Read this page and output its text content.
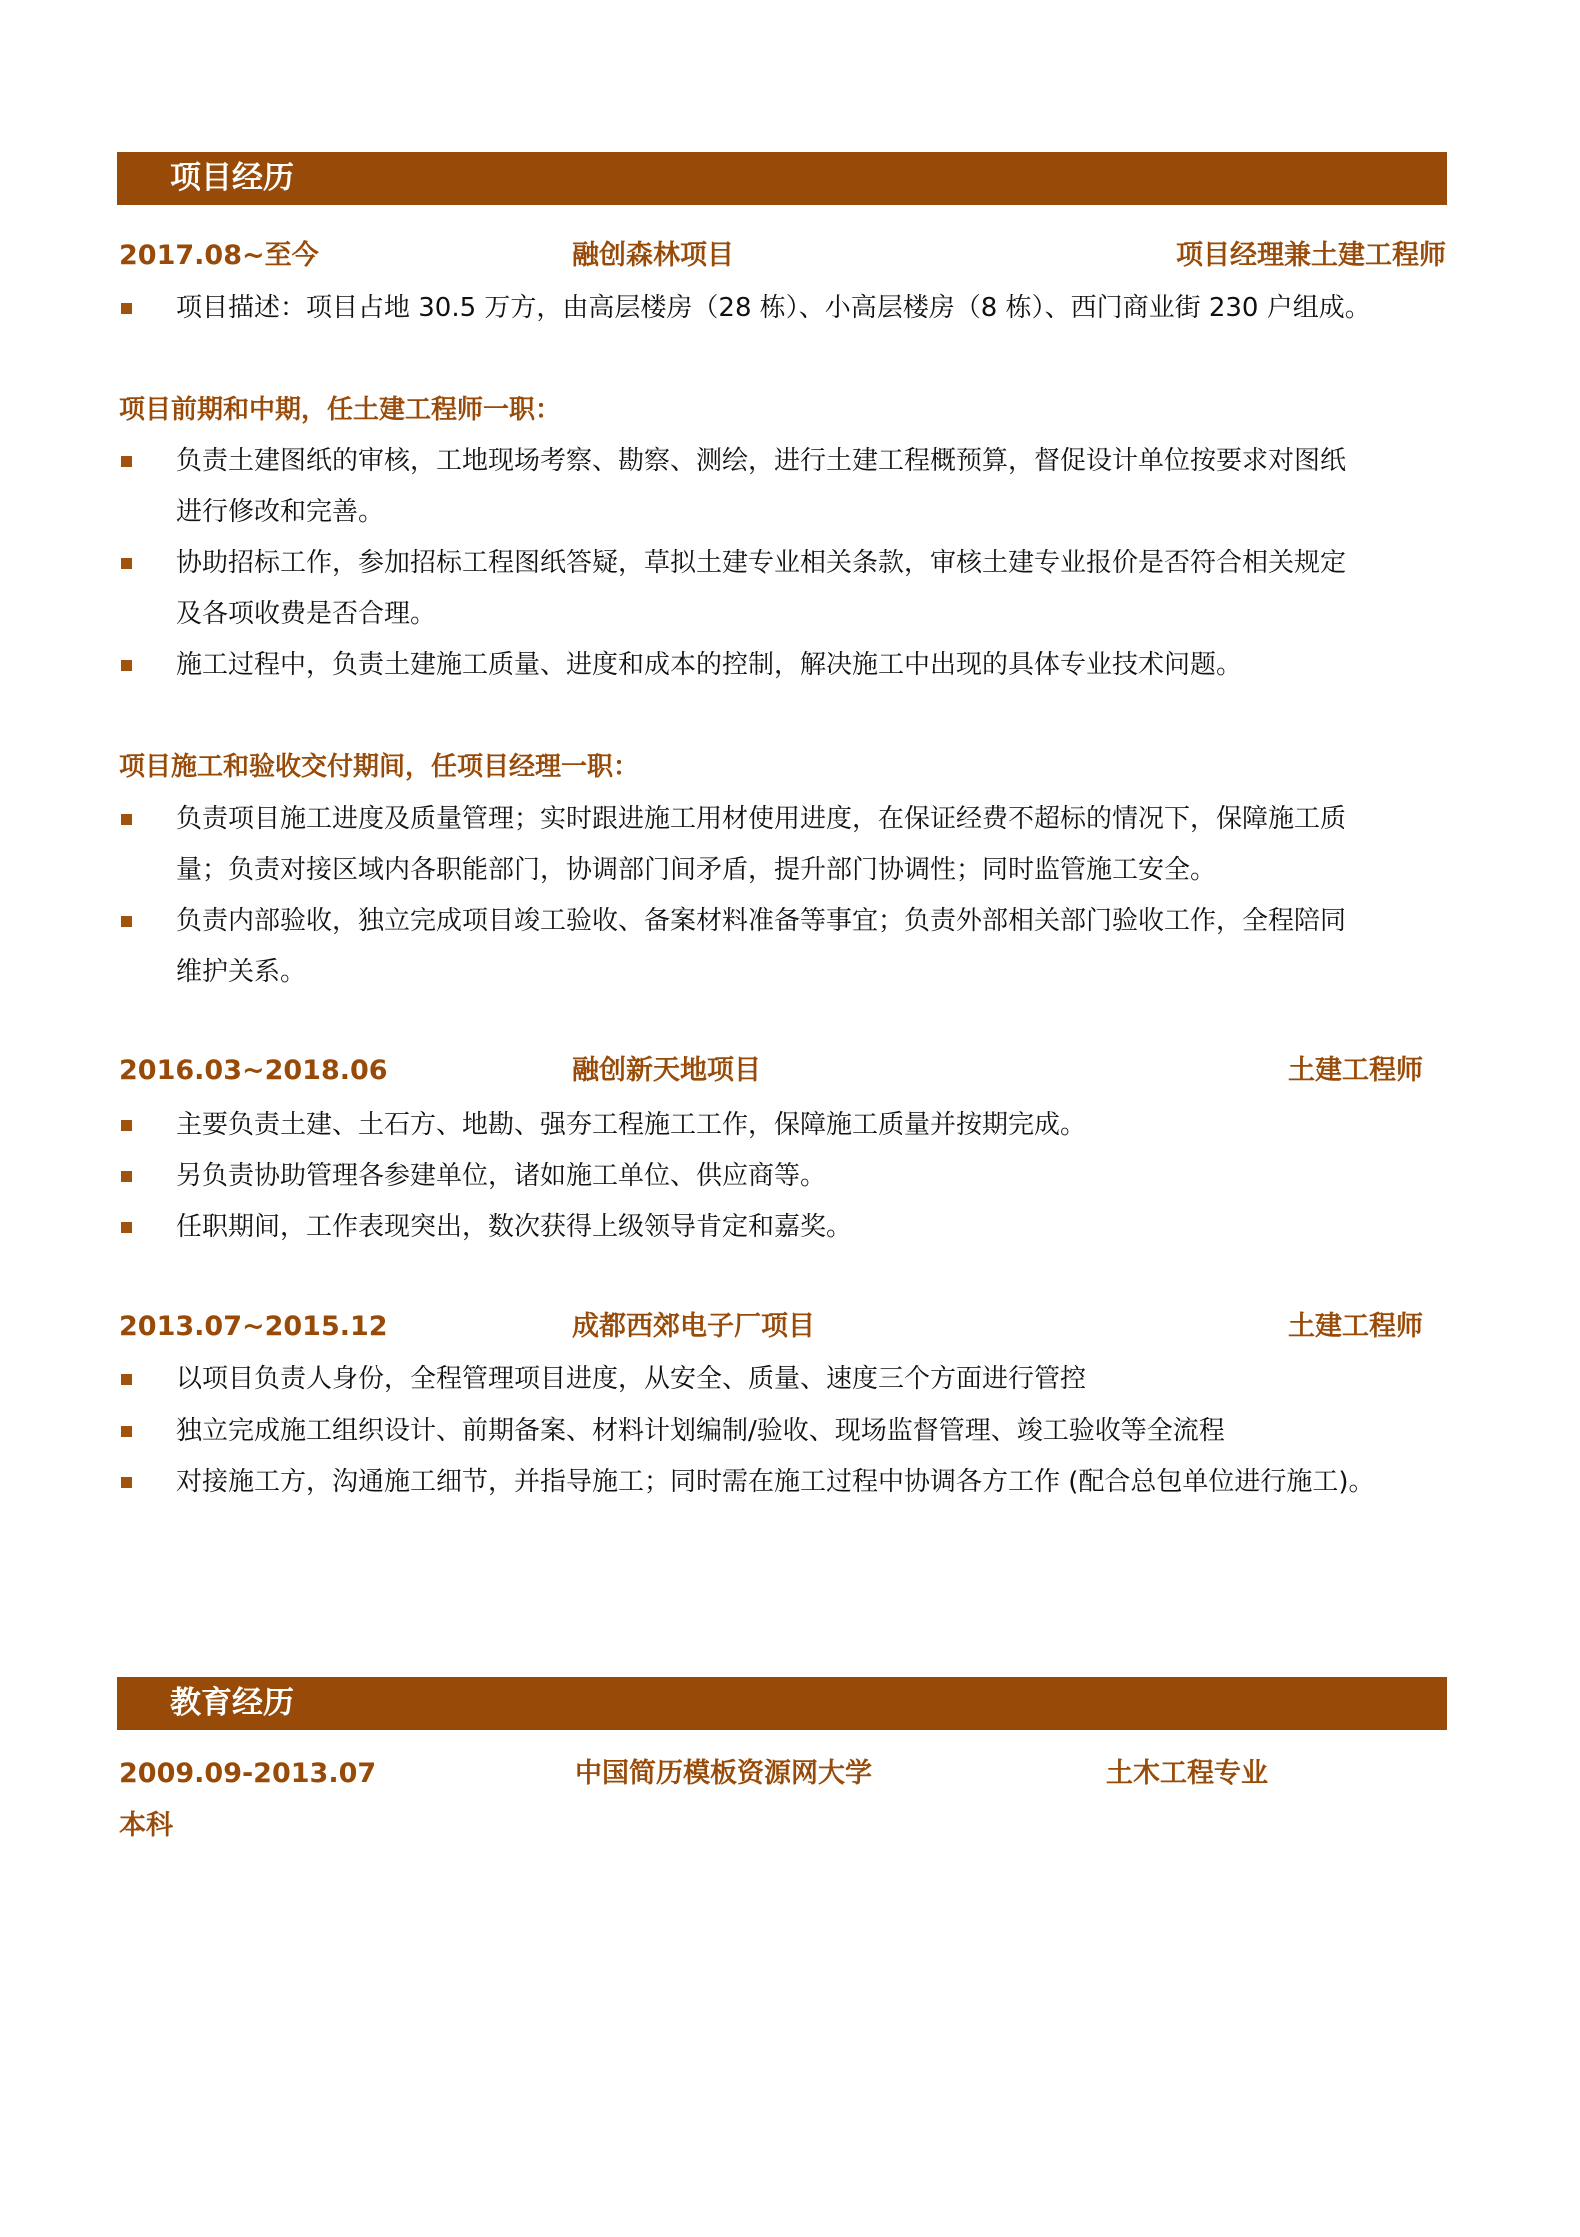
项目经历
2017.08~至今	融创森林项目	项目经理兼土建工程师
项目描述：项目占地 30.5 万方，由高层楼房（28 栋）、小高层楼房（8 栋）、西门商业街 230 户组成。
项目前期和中期，任土建工程师一职：
负责土建图纸的审核，工地现场考察、勘察、测绘，进行土建工程概预算，督促设计单位按要求对图纸
进行修改和完善。
协助招标工作，参加招标工程图纸答疑，草拟土建专业相关条款，审核土建专业报价是否符合相关规定
及各项收费是否合理。
施工过程中，负责土建施工质量、进度和成本的控制，解决施工中出现的具体专业技术问题。
项目施工和验收交付期间，任项目经理一职：
负责项目施工进度及质量管理；实时跟进施工用材使用进度，在保证经费不超标的情况下，保障施工质
量；负责对接区域内各职能部门，协调部门间矛盾，提升部门协调性；同时监管施工安全。
负责内部验收，独立完成项目竣工验收、备案材料准备等事宜；负责外部相关部门验收工作，全程陪同
维护关系。
2016.03~2018.06	融创新天地项目	土建工程师
主要负责土建、土石方、地勘、强夯工程施工工作，保障施工质量并按期完成。
另负责协助管理各参建单位，诸如施工单位、供应商等。
任职期间，工作表现突出，数次获得上级领导肯定和嘉奖。
2013.07~2015.12	成都西郊电子厂项目	土建工程师
以项目负责人身份，全程管理项目进度，从安全、质量、速度三个方面进行管控
独立完成施工组织设计、前期备案、材料计划编制/验收、现场监督管理、竣工验收等全流程
对接施工方，沟通施工细节，并指导施工；同时需在施工过程中协调各方工作 (配合总包单位进行施工)。
教育经历
2009.09-2013.07	中国简历模板资源网大学	土木工程专业
本科
